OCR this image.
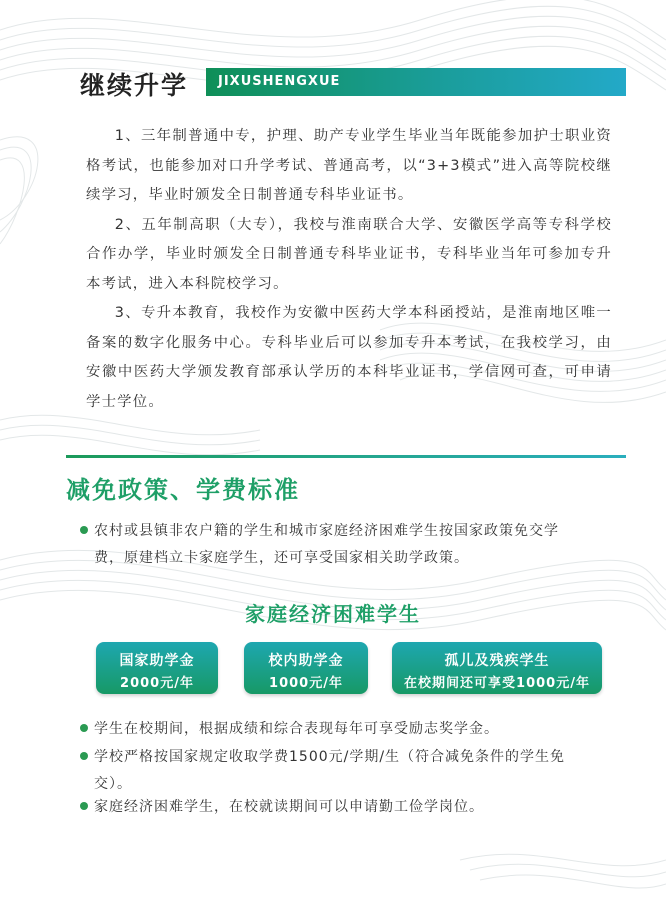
继续升学 JIXUSHENGXUE

1、三年制普通中专，护理、助产专业学生毕业当年既能参加护士职业资格考试，也能参加对口升学考试、普通高考，以“3+3模式”进入高等院校继续学习，毕业时颁发全日制普通专科毕业证书。

2、五年制高职（大专），我校与淮南联合大学、安徽医学高等专科学校合作办学，毕业时颁发全日制普通专科毕业证书，专科毕业当年可参加专升本考试，进入本科院校学习。

3、专升本教育，我校作为安徽中医药大学本科函授站，是淮南地区唯一备案的数字化服务中心。专科毕业后可以参加专升本考试，在我校学习，由安徽中医药大学颁发教育部承认学历的本科毕业证书，学信网可查，可申请学士学位。

减免政策、学费标准
农村或县镇非农户籍的学生和城市家庭经济困难学生按国家政策免交学
费，原建档立卡家庭学生，还可享受国家相关助学政策。
家庭经济困难学生
国家助学金
2000元/年
校内助学金
1000元/年
孤儿及残疾学生
在校期间还可享受1000元/年
学生在校期间，根据成绩和综合表现每年可享受励志奖学金。
学校严格按国家规定收取学费1500元/学期/生（符合减免条件的学生免
交）。
家庭经济困难学生，在校就读期间可以申请勤工俭学岗位。
